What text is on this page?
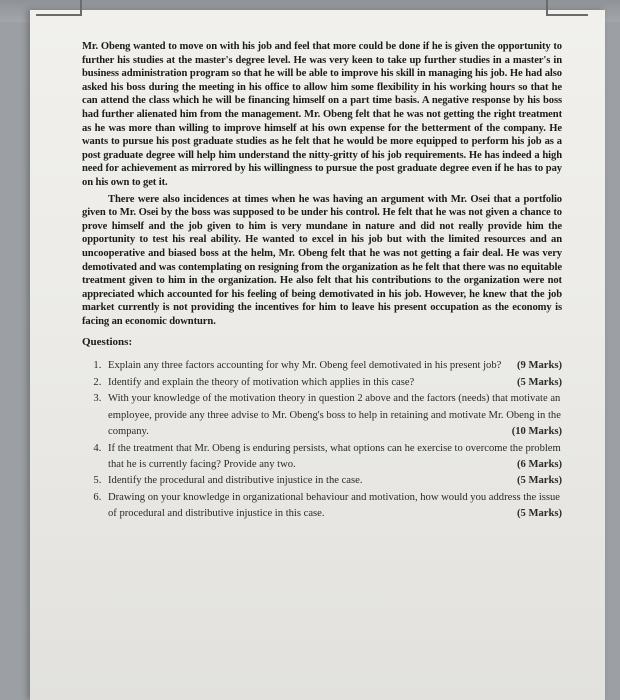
Mr. Obeng wanted to move on with his job and feel that more could be done if he is given the opportunity to further his studies at the master's degree level. He was very keen to take up further studies in a master's in business administration program so that he will be able to improve his skill in managing his job. He had also asked his boss during the meeting in his office to allow him some flexibility in his working hours so that he can attend the class which he will be financing himself on a part time basis. A negative response by his boss had further alienated him from the management. Mr. Obeng felt that he was not getting the right treatment as he was more than willing to improve himself at his own expense for the betterment of the company. He wants to pursue his post graduate studies as he felt that he would be more equipped to perform his job as a post graduate degree will help him understand the nitty-gritty of his job requirements. He has indeed a high need for achievement as mirrored by his willingness to pursue the post graduate degree even if he has to pay on his own to get it.

There were also incidences at times when he was having an argument with Mr. Osei that a portfolio given to Mr. Osei by the boss was supposed to be under his control. He felt that he was not given a chance to prove himself and the job given to him is very mundane in nature and did not really provide him the opportunity to test his real ability. He wanted to excel in his job but with the limited resources and an uncooperative and biased boss at the helm, Mr. Obeng felt that he was not getting a fair deal. He was very demotivated and was contemplating on resigning from the organization as he felt that there was no equitable treatment given to him in the organization. He also felt that his contributions to the organization were not appreciated which accounted for his feeling of being demotivated in his job. However, he knew that the job market currently is not providing the incentives for him to leave his present occupation as the economy is facing an economic downturn.

Questions:
1. Explain any three factors accounting for why Mr. Obeng feel demotivated in his present job? (9 Marks)
2. Identify and explain the theory of motivation which applies in this case?	(5 Marks)
3. With your knowledge of the motivation theory in question 2 above and the factors (needs) that motivate an employee, provide any three advise to Mr. Obeng's boss to help in retaining and motivate Mr. Obeng in the company.	(10 Marks)
4. If the treatment that Mr. Obeng is enduring persists, what options can he exercise to overcome the problem that he is currently facing? Provide any two.	(6 Marks)
5. Identify the procedural and distributive injustice in the case.	(5 Marks)
6. Drawing on your knowledge in organizational behaviour and motivation, how would you address the issue of procedural and distributive injustice in this case.	(5 Marks)
